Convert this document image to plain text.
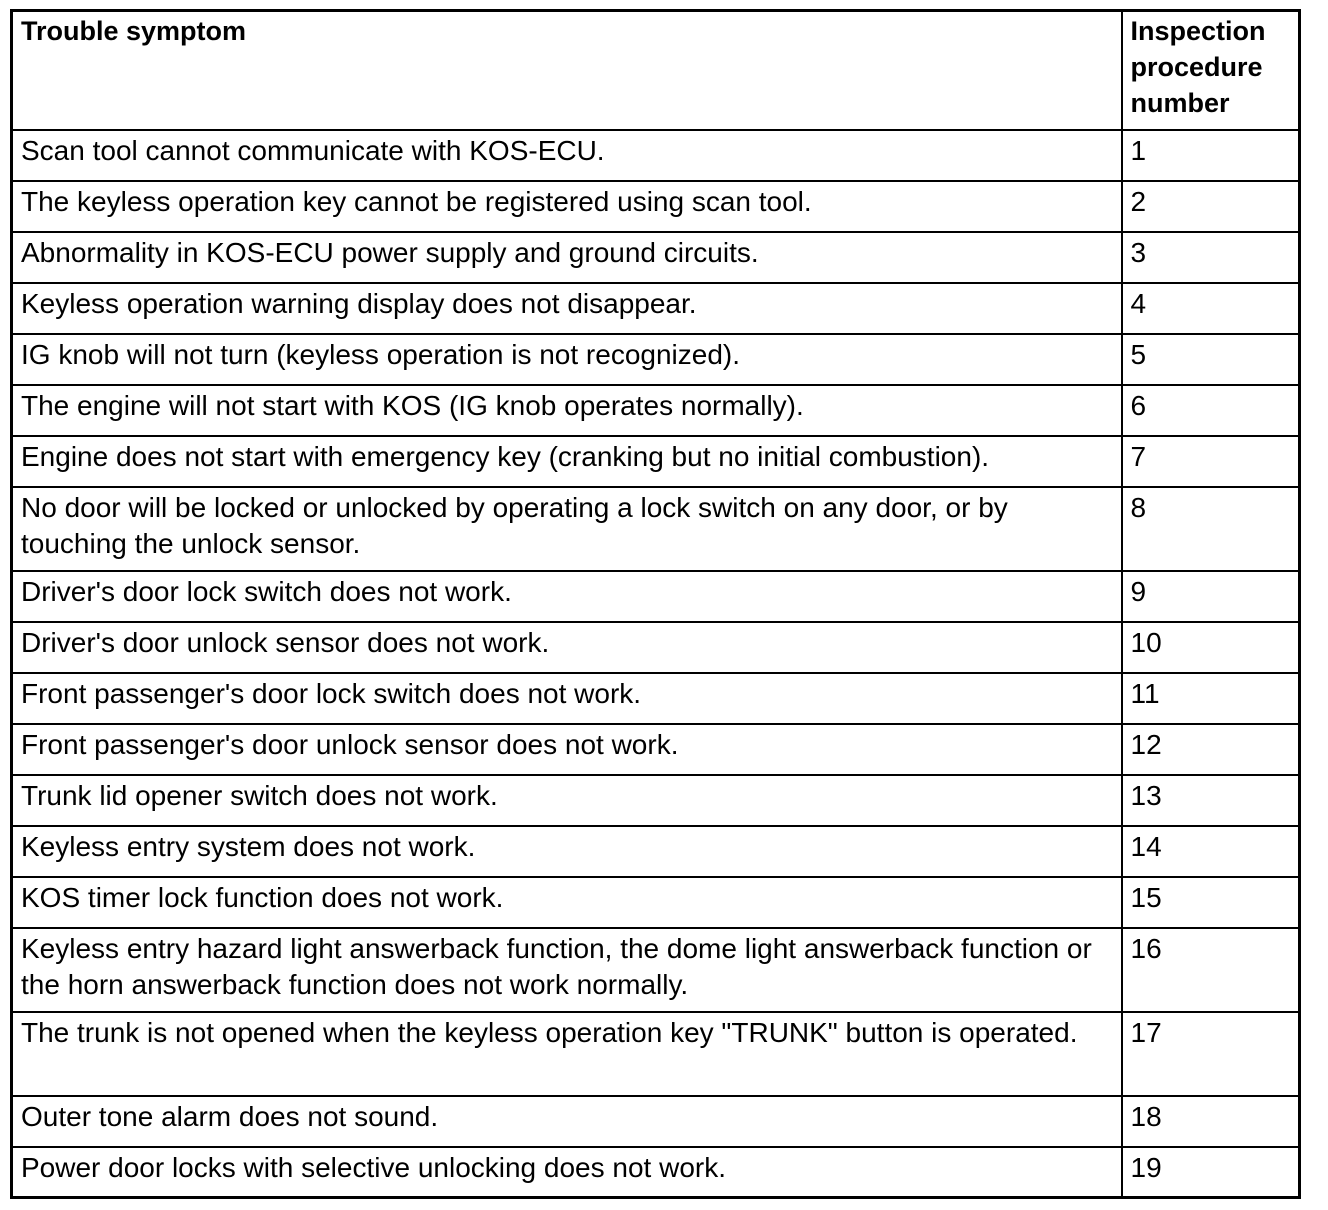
Trouble symptom	Inspection procedure number
Scan tool cannot communicate with KOS-ECU.	1
The keyless operation key cannot be registered using scan tool.	2
Abnormality in KOS-ECU power supply and ground circuits.	3
Keyless operation warning display does not disappear.	4
IG knob will not turn (keyless operation is not recognized).	5
The engine will not start with KOS (IG knob operates normally).	6
Engine does not start with emergency key (cranking but no initial combustion).	7
No door will be locked or unlocked by operating a lock switch on any door, or by touching the unlock sensor.	8
Driver's door lock switch does not work.	9
Driver's door unlock sensor does not work.	10
Front passenger's door lock switch does not work.	11
Front passenger's door unlock sensor does not work.	12
Trunk lid opener switch does not work.	13
Keyless entry system does not work.	14
KOS timer lock function does not work.	15
Keyless entry hazard light answerback function, the dome light answerback function or the horn answerback function does not work normally.	16
The trunk is not opened when the keyless operation key "TRUNK" button is operated.	17
Outer tone alarm does not sound.	18
Power door locks with selective unlocking does not work.	19
